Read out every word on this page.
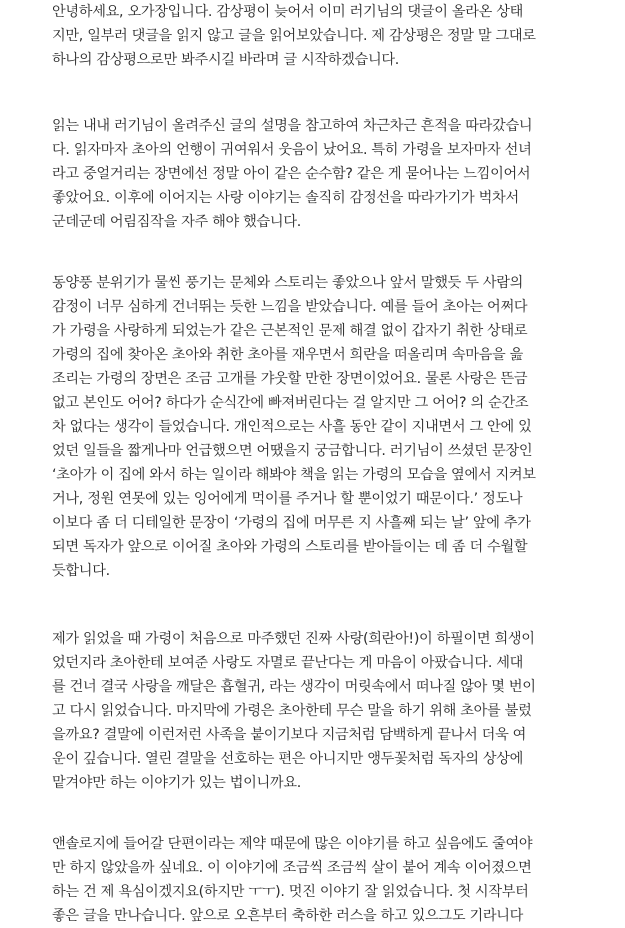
안녕하세요, 오가장입니다. 감상평이 늦어서 이미 러기님의 댓글이 올라온 상태
지만, 일부러 댓글을 읽지 않고 글을 읽어보았습니다. 제 감상평은 정말 말 그대로
하나의 감상평으로만 봐주시길 바라며 글 시작하겠습니다.

읽는 내내 러기님이 올려주신 글의 설명을 참고하여 차근차근 흔적을 따라갔습니
다. 읽자마자 초아의 언행이 귀여워서 웃음이 났어요. 특히 가령을 보자마자 선녀
라고 중얼거리는 장면에선 정말 아이 같은 순수함? 같은 게 묻어나는 느낌이어서
좋았어요. 이후에 이어지는 사랑 이야기는 솔직히 감정선을 따라가기가 벅차서
군데군데 어림짐작을 자주 해야 했습니다.

동양풍 분위기가 물씬 풍기는 문체와 스토리는 좋았으나 앞서 말했듯 두 사람의
감정이 너무 심하게 건너뛰는 듯한 느낌을 받았습니다. 예를 들어 초아는 어쩌다
가 가령을 사랑하게 되었는가 같은 근본적인 문제 해결 없이 갑자기 취한 상태로
가령의 집에 찾아온 초아와 취한 초아를 재우면서 희란을 떠올리며 속마음을 읊
조리는 가령의 장면은 조금 고개를 갸웃할 만한 장면이었어요. 물론 사랑은 뜬금
없고 본인도 어어? 하다가 순식간에 빠져버린다는 걸 알지만 그 어어? 의 순간조
차 없다는 생각이 들었습니다. 개인적으로는 사흘 동안 같이 지내면서 그 안에 있
었던 일들을 짧게나마 언급했으면 어땠을지 궁금합니다. 러기님이 쓰셨던 문장인
‘초아가 이 집에 와서 하는 일이라 해봐야 책을 읽는 가령의 모습을 옆에서 지켜보
거나, 정원 연못에 있는 잉어에게 먹이를 주거나 할 뿐이었기 때문이다.’ 정도나
이보다 좀 더 디테일한 문장이 ‘가령의 집에 머무른 지 사흘째 되는 날’ 앞에 추가
되면 독자가 앞으로 이어질 초아와 가령의 스토리를 받아들이는 데 좀 더 수월할
듯합니다.

제가 읽었을 때 가령이 처음으로 마주했던 진짜 사랑(희란아!)이 하필이면 희생이
었던지라 초아한테 보여준 사랑도 자멸로 끝난다는 게 마음이 아팠습니다. 세대
를 건너 결국 사랑을 깨달은 흡혈귀, 라는 생각이 머릿속에서 떠나질 않아 몇 번이
고 다시 읽었습니다. 마지막에 가령은 초아한테 무슨 말을 하기 위해 초아를 불렀
을까요? 결말에 이런저런 사족을 붙이기보다 지금처럼 담백하게 끝나서 더욱 여
운이 깊습니다. 열린 결말을 선호하는 편은 아니지만 앵두꽃처럼 독자의 상상에
맡겨야만 하는 이야기가 있는 법이니까요.

앤솔로지에 들어갈 단편이라는 제약 때문에 많은 이야기를 하고 싶음에도 줄여야
만 하지 않았을까 싶네요. 이 이야기에 조금씩 조금씩 살이 붙어 계속 이어졌으면
하는 건 제 욕심이겠지요(하지만 ㅜㅜ). 멋진 이야기 잘 읽었습니다. 첫 시작부터
좋은 글을 만나습니다. 앞으로 오흔부터 축하한 러스을 하고 있으그도 기라니다
